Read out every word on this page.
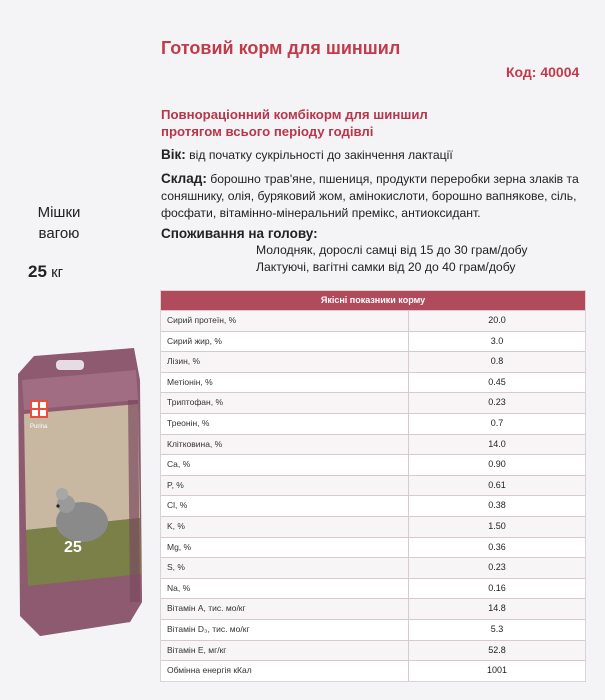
Готовий корм для шиншил
Код: 40004
Повнораціонний комбікорм для шиншил протягом всього періоду годівлі
Вік: від початку сукрільності до закінчення лактації
Склад: борошно трав'яне, пшениця, продукти переробки зерна злаків та соняшнику, олія, буряковий жом, амінокислоти, борошно вапнякове, сіль, фосфати, вітамінно-мінеральний премікс, антиоксидант.
Споживання на голову:
Молодняк, дорослі самці від 15 до 30 грам/добу
Лактуючі, вагітні самки від 20 до 40 грам/добу
Мішки
вагою
25 кг
Purina
25
Якісні показники корму
Сирий протеїн, %	20.0
Сирий жир, %	3.0
Лізин, %	0.8
Метіонін, %	0.45
Триптофан, %	0.23
Треонін, %	0.7
Клітковина, %	14.0
Ca, %	0.90
P, %	0.61
Cl, %	0.38
K, %	1.50
Mg, %	0.36
S, %	0.23
Na, %	0.16
Вітамін A, тис. мо/кг	14.8
Вітамін D₃, тис. мо/кг	5.3
Вітамін E, мг/кг	52.8
Обмінна енергія кКал	1001
